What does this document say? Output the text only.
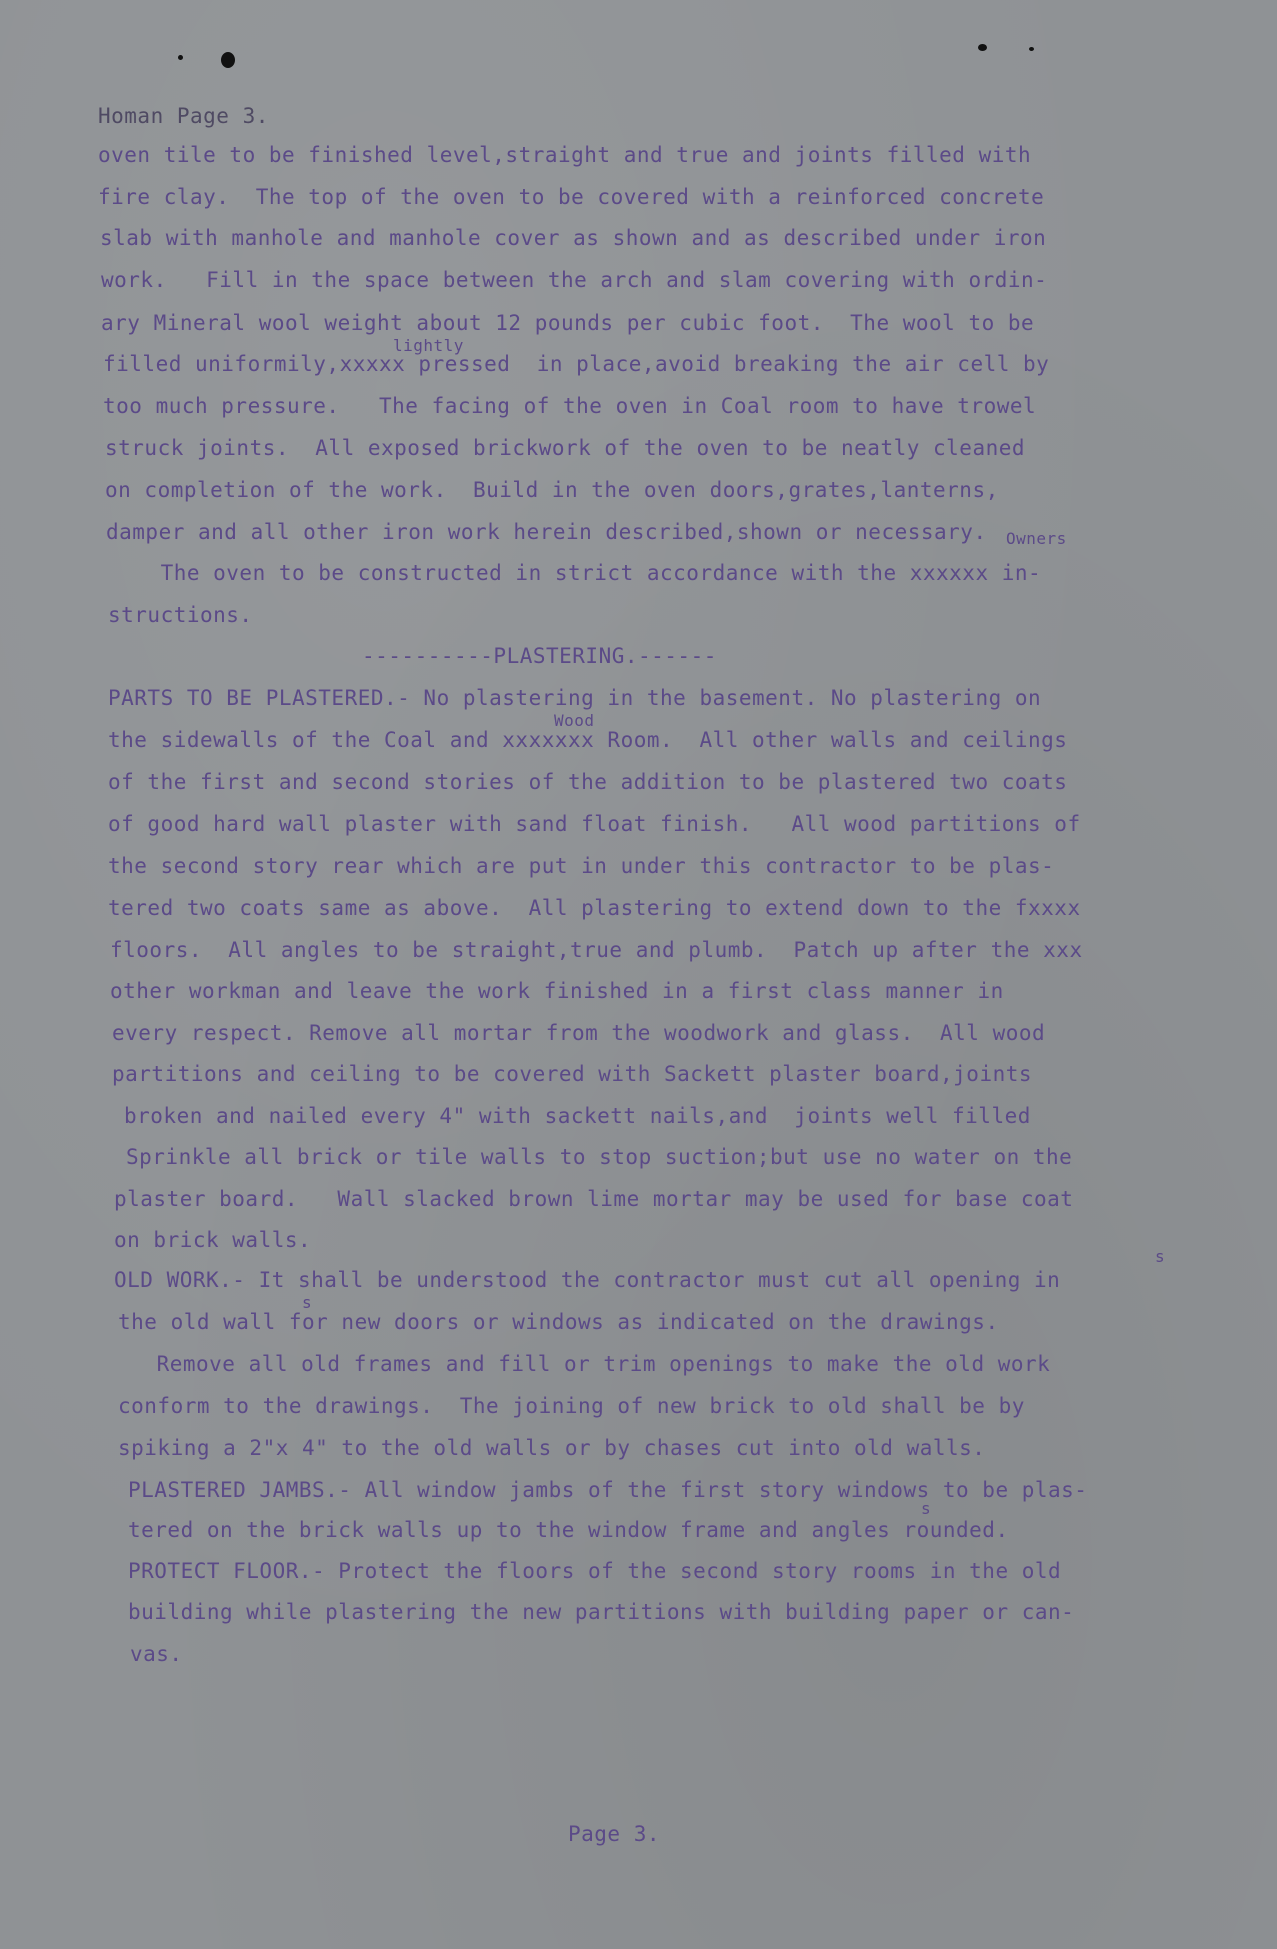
Homan Page 3.
oven tile to be finished level,straight and true and joints filled with
fire clay.  The top of the oven to be covered with a reinforced concrete
slab with manhole and manhole cover as shown and as described under iron
work.   Fill in the space between the arch and slam covering with ordin-
ary Mineral wool weight about 12 pounds per cubic foot.  The wool to be
lightly
filled uniformily,xxxxx pressed  in place,avoid breaking the air cell by
too much pressure.   The facing of the oven in Coal room to have trowel
struck joints.  All exposed brickwork of the oven to be neatly cleaned
on completion of the work.  Build in the oven doors,grates,lanterns,
damper and all other iron work herein described,shown or necessary. Owners
The oven to be constructed in strict accordance with the xxxxxx in-
structions.
----------PLASTERING.------
PARTS TO BE PLASTERED.- No plastering in the basement. No plastering on
Wood
the sidewalls of the Coal and xxxxxxx Room.  All other walls and ceilings
of the first and second stories of the addition to be plastered two coats
of good hard wall plaster with sand float finish.   All wood partitions of
the second story rear which are put in under this contractor to be plas-
tered two coats same as above.  All plastering to extend down to the fxxxx
floors.  All angles to be straight,true and plumb.  Patch up after the xxx
other workman and leave the work finished in a first class manner in
every respect. Remove all mortar from the woodwork and glass.  All wood
partitions and ceiling to be covered with Sackett plaster board,joints
broken and nailed every 4" with sackett nails,and  joints well filled
Sprinkle all brick or tile walls to stop suction;but use no water on the
plaster board.   Wall slacked brown lime mortar may be used for base coat
on brick walls.
s
OLD WORK.- It shall be understood the contractor must cut all opening in
s
the old wall for new doors or windows as indicated on the drawings.
Remove all old frames and fill or trim openings to make the old work
conform to the drawings.  The joining of new brick to old shall be by
spiking a 2"x 4" to the old walls or by chases cut into old walls.
PLASTERED JAMBS.- All window jambs of the first story windows to be plas-
s
tered on the brick walls up to the window frame and angles rounded.
PROTECT FLOOR.- Protect the floors of the second story rooms in the old
building while plastering the new partitions with building paper or can-
vas.
Page 3.
